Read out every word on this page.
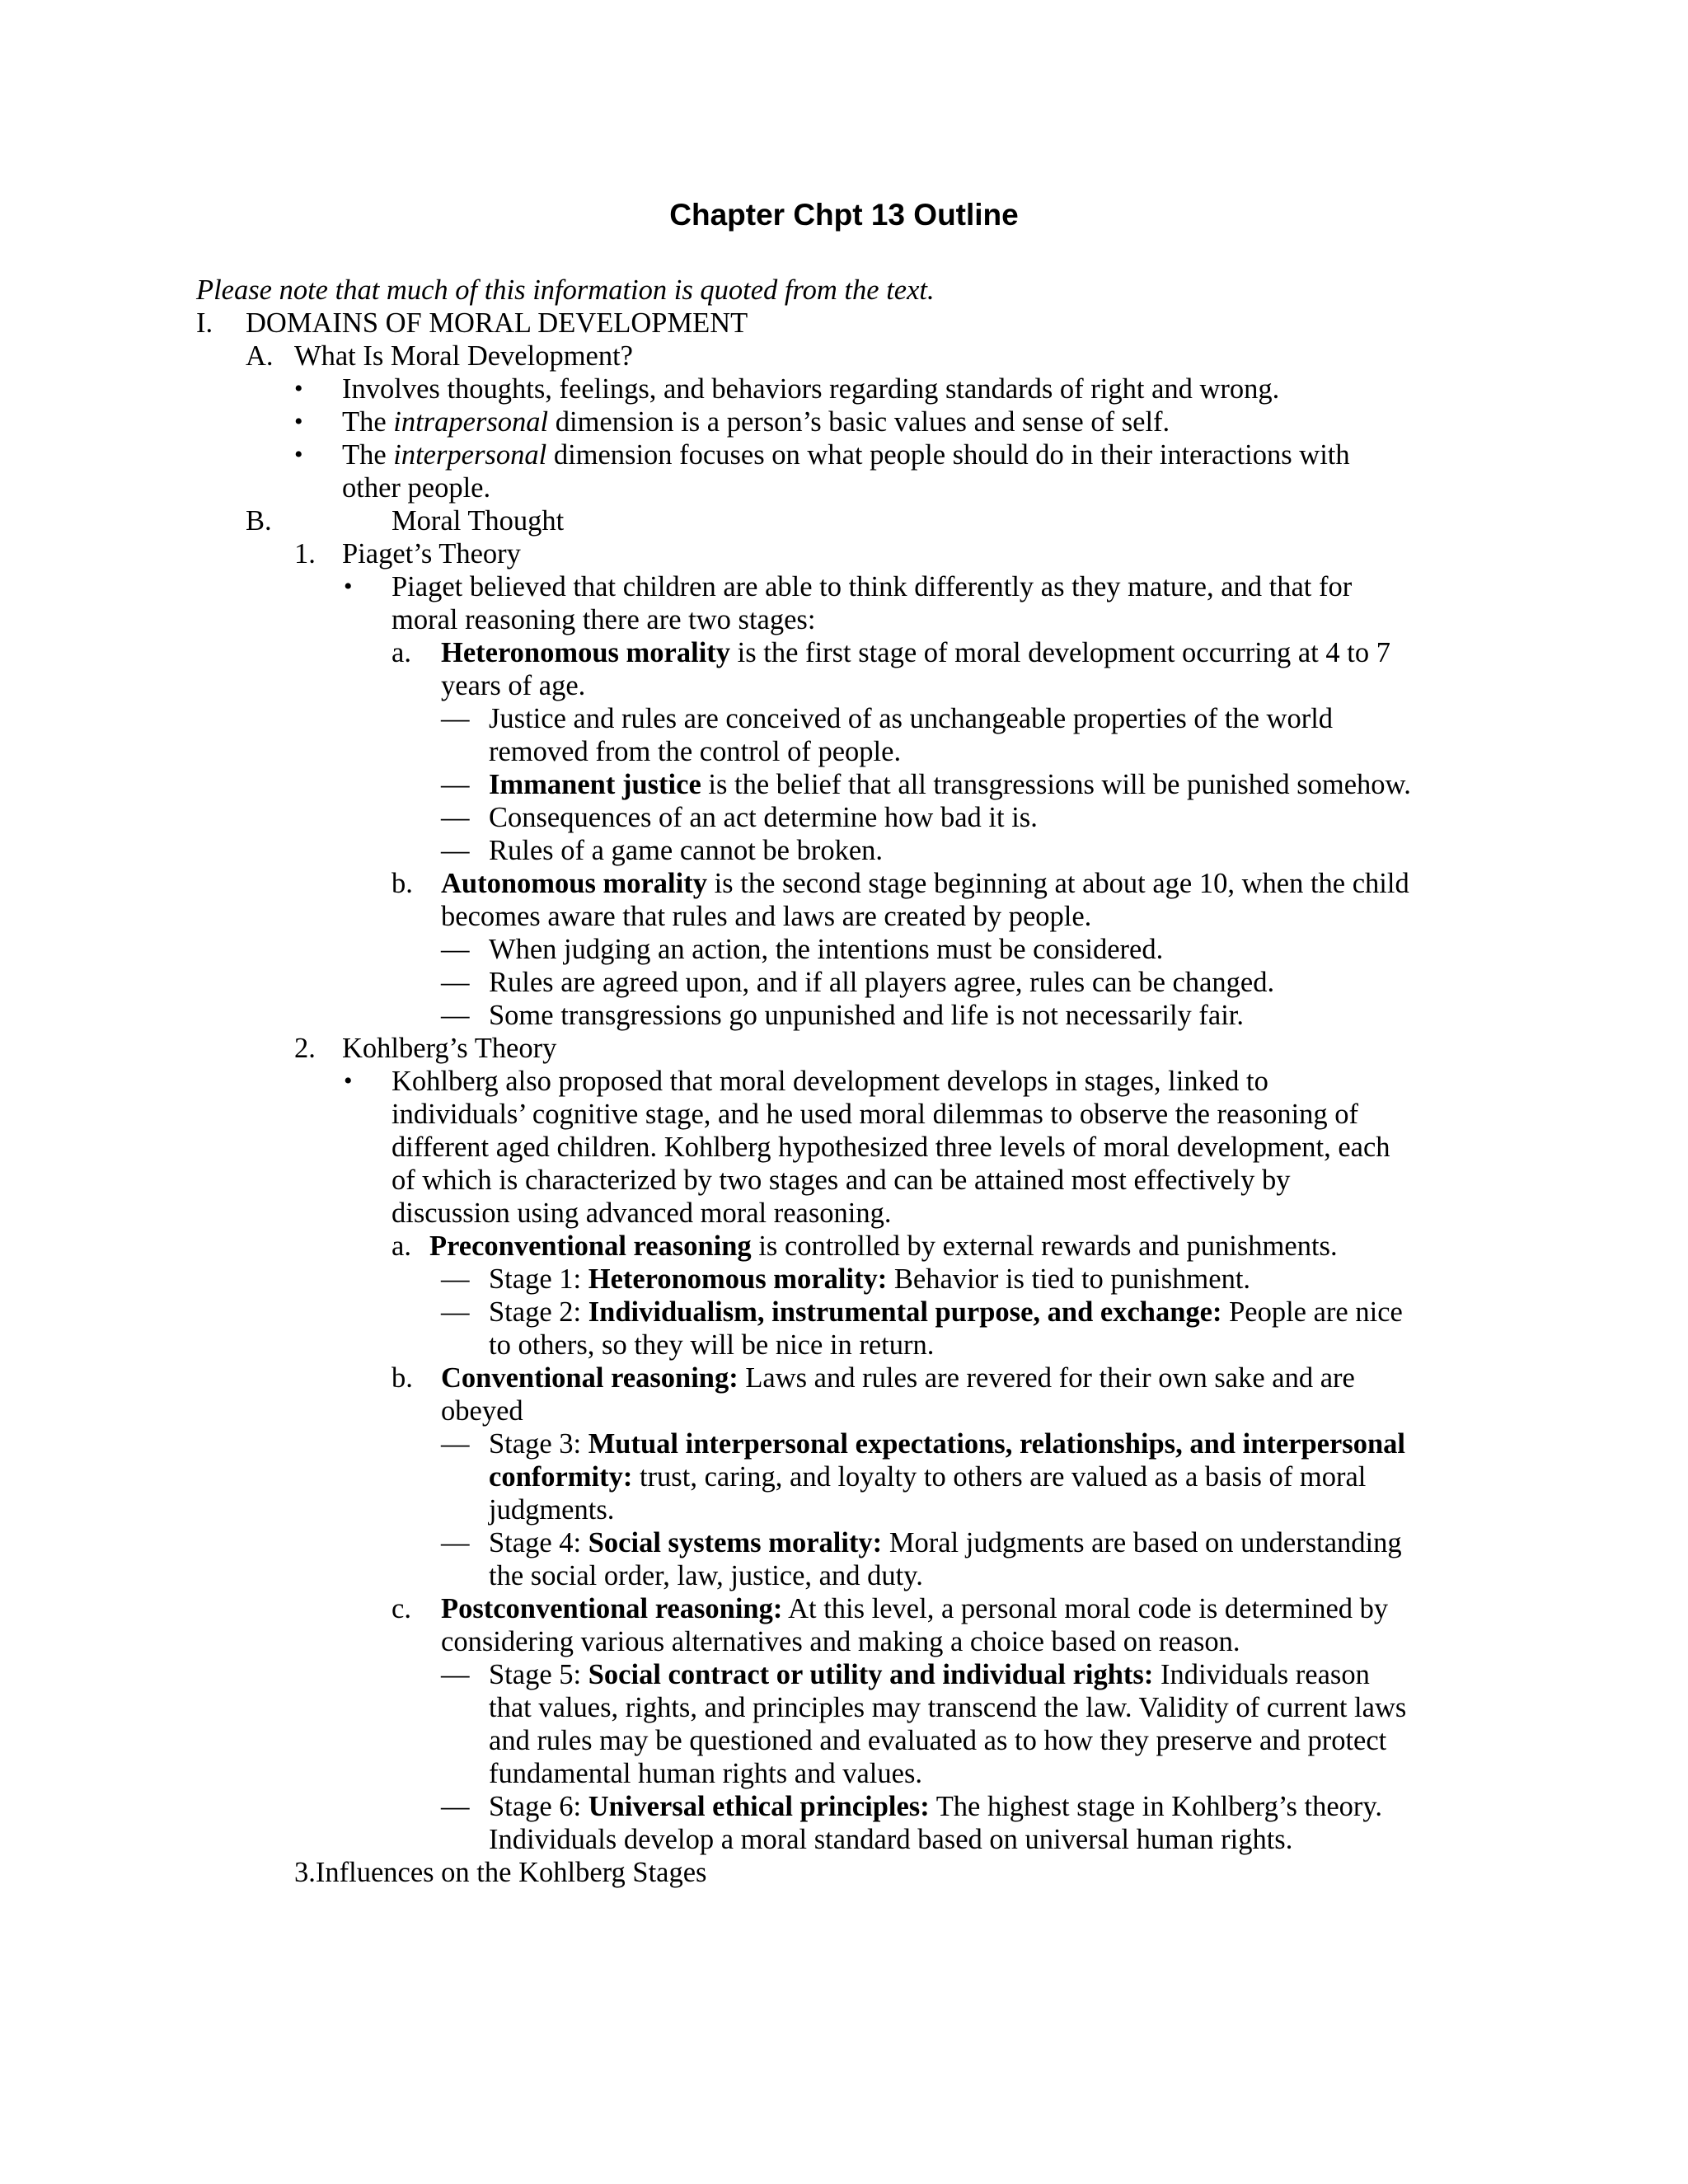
Chapter Chpt 13 Outline
Please note that much of this information is quoted from the text.
I. DOMAINS OF MORAL DEVELOPMENT
A. What Is Moral Development?
• Involves thoughts, feelings, and behaviors regarding standards of right and wrong.
• The intrapersonal dimension is a person’s basic values and sense of self.
• The interpersonal dimension focuses on what people should do in their interactions with
other people.
B.	Moral Thought
1. Piaget’s Theory
• Piaget believed that children are able to think differently as they mature, and that for
moral reasoning there are two stages:
a. Heteronomous morality is the first stage of moral development occurring at 4 to 7
years of age.
— Justice and rules are conceived of as unchangeable properties of the world
removed from the control of people.
— Immanent justice is the belief that all transgressions will be punished somehow.
— Consequences of an act determine how bad it is.
— Rules of a game cannot be broken.
b. Autonomous morality is the second stage beginning at about age 10, when the child
becomes aware that rules and laws are created by people.
— When judging an action, the intentions must be considered.
— Rules are agreed upon, and if all players agree, rules can be changed.
— Some transgressions go unpunished and life is not necessarily fair.
2. Kohlberg’s Theory
• Kohlberg also proposed that moral development develops in stages, linked to
individuals’ cognitive stage, and he used moral dilemmas to observe the reasoning of
different aged children. Kohlberg hypothesized three levels of moral development, each
of which is characterized by two stages and can be attained most effectively by
discussion using advanced moral reasoning.
a. Preconventional reasoning is controlled by external rewards and punishments.
— Stage 1: Heteronomous morality: Behavior is tied to punishment.
— Stage 2: Individualism, instrumental purpose, and exchange: People are nice
to others, so they will be nice in return.
b. Conventional reasoning: Laws and rules are revered for their own sake and are
obeyed
— Stage 3: Mutual interpersonal expectations, relationships, and interpersonal
conformity: trust, caring, and loyalty to others are valued as a basis of moral
judgments.
— Stage 4: Social systems morality: Moral judgments are based on understanding
the social order, law, justice, and duty.
c. Postconventional reasoning: At this level, a personal moral code is determined by
considering various alternatives and making a choice based on reason.
— Stage 5: Social contract or utility and individual rights: Individuals reason
that values, rights, and principles may transcend the law. Validity of current laws
and rules may be questioned and evaluated as to how they preserve and protect
fundamental human rights and values.
— Stage 6: Universal ethical principles: The highest stage in Kohlberg’s theory.
Individuals develop a moral standard based on universal human rights.
3.Influences on the Kohlberg Stages
